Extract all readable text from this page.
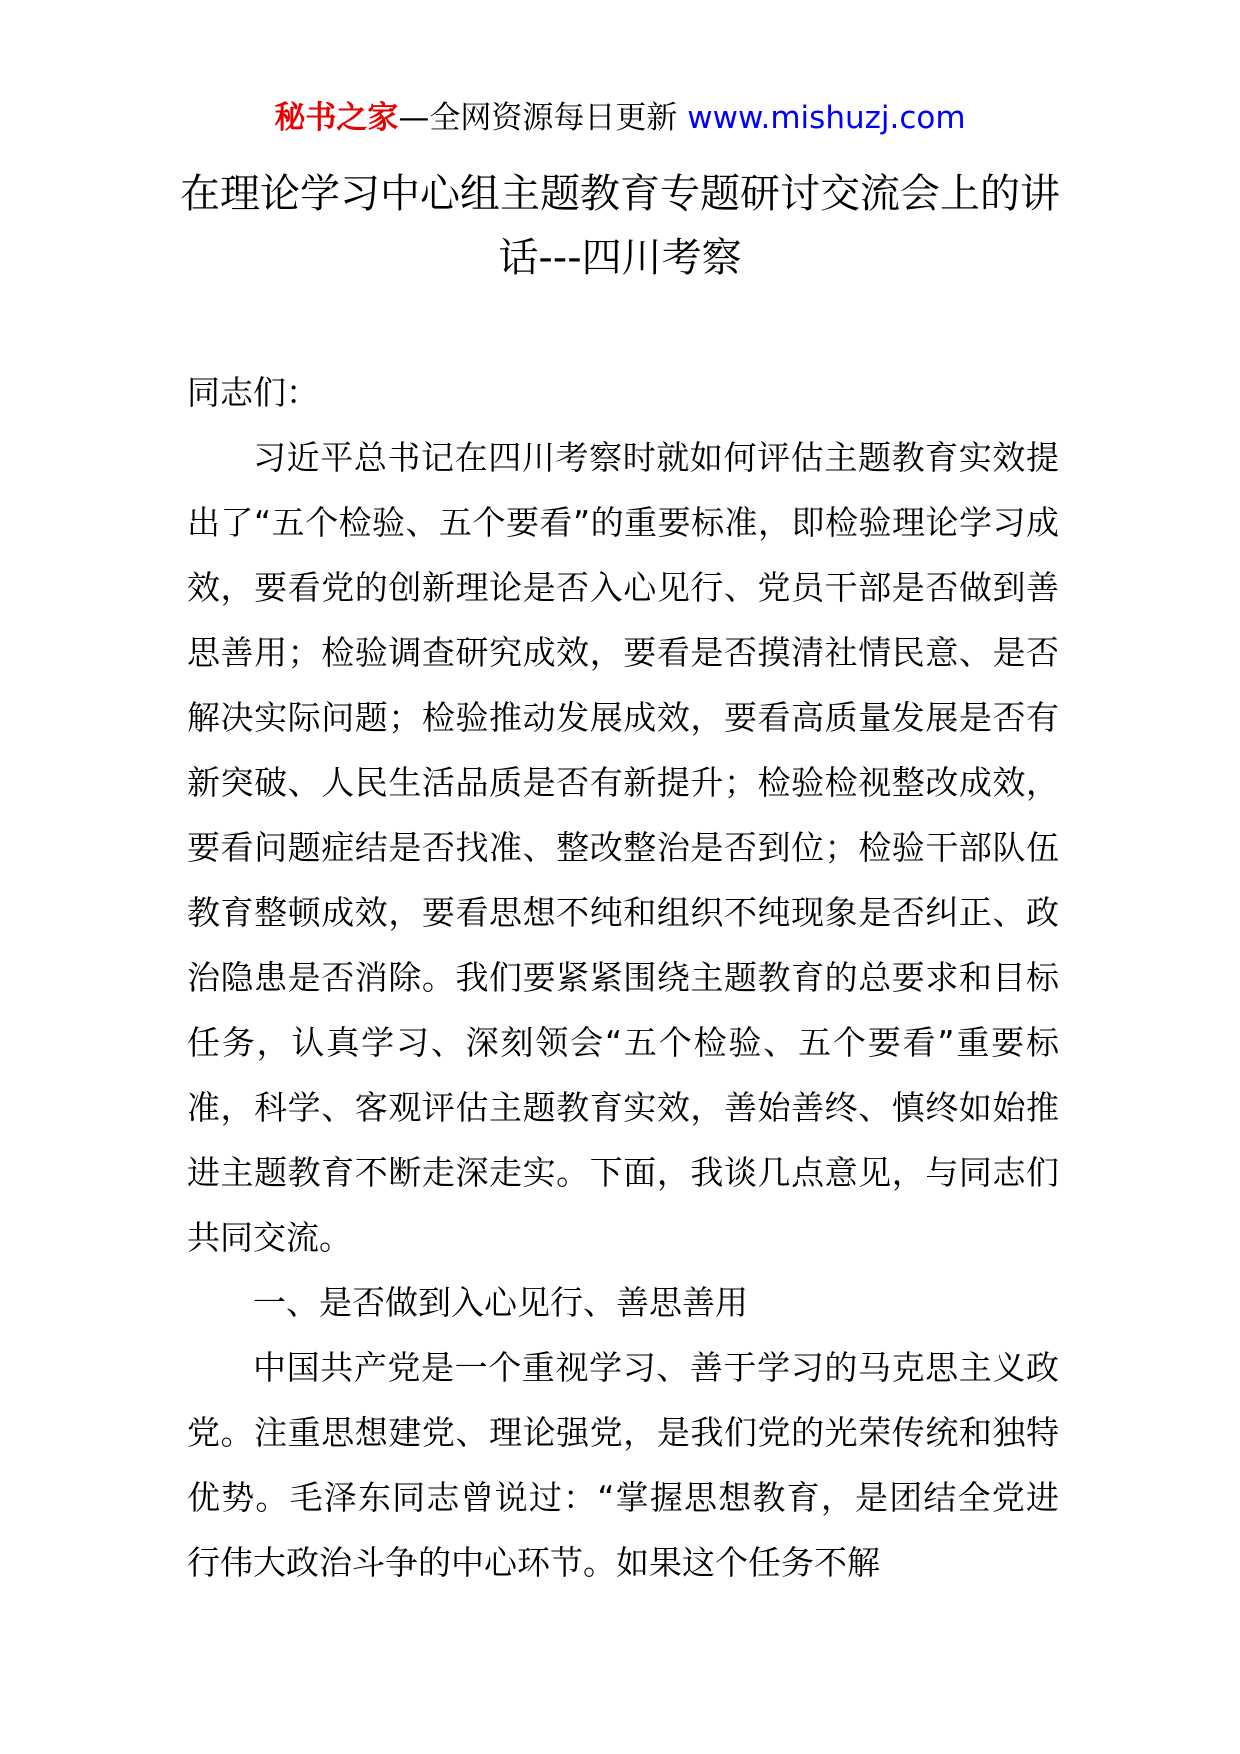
秘书之家—全网资源每日更新 www.mishuzj.com
在理论学习中心组主题教育专题研讨交流会上的讲话---四川考察

同志们：

习近平总书记在四川考察时就如何评估主题教育实效提出了“五个检验、五个要看”的重要标准，即检验理论学习成效，要看党的创新理论是否入心见行、党员干部是否做到善思善用；检验调查研究成效，要看是否摸清社情民意、是否解决实际问题；检验推动发展成效，要看高质量发展是否有新突破、人民生活品质是否有新提升；检验检视整改成效，要看问题症结是否找准、整改整治是否到位；检验干部队伍教育整顿成效，要看思想不纯和组织不纯现象是否纠正、政治隐患是否消除。我们要紧紧围绕主题教育的总要求和目标任务，认真学习、深刻领会“五个检验、五个要看”重要标准，科学、客观评估主题教育实效，善始善终、慎终如始推进主题教育不断走深走实。下面，我谈几点意见，与同志们共同交流。

一、是否做到入心见行、善思善用

中国共产党是一个重视学习、善于学习的马克思主义政党。注重思想建党、理论强党，是我们党的光荣传统和独特优势。毛泽东同志曾说过：“掌握思想教育，是团结全党进行伟大政治斗争的中心环节。如果这个任务不解
